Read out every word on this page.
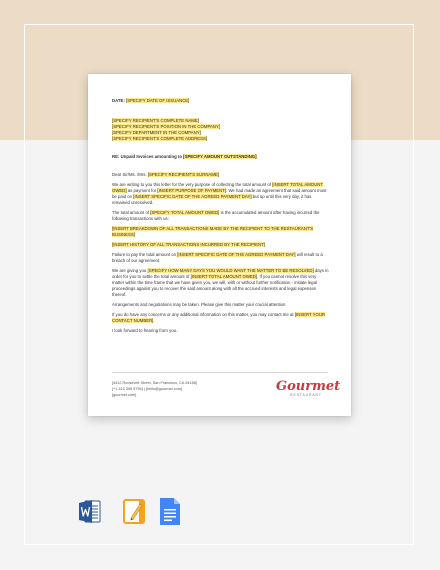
DATE: [SPECIFY DATE OF ISSUANCE]

[SPECIFY RECIPIENT'S COMPLETE NAME]

[SPECIFY RECIPIENT'S POSITION IN THE COMPANY]

[SPECIFY DEPARTMENT IN THE COMPANY]

[SPECIFY RECIPIENT'S COMPLETE ADDRESS]

RE: Unpaid Invoices amounting to [SPECIFY AMOUNT OUTSTANDING]

Dear Sir/Ms. /Mrs. [SPECIFY RECIPIENT'S SURNAME]

We are writing to you this letter for the very purpose of collecting the total amount of [INSERT TOTAL AMOUNT OWED] as payment for [INSERT PURPOSE OF PAYMENT]. We had made an agreement that said amount must be paid on [INSERT SPECIFIC DATE OF THE AGREED PAYMENT DAY] but up until this very day, it has remained unresolved.

The total amount of [SPECIFY TOTAL AMOUNT OWED] is the accumulated amount after having incurred the following transactions with us:

[INSERT BREAKDOWN OF ALL TRANSACTIONS MADE BY THE RECIPIENT TO THE RESTAURANT'S BUSINESS]

[INSERT HISTORY OF ALL TRANSACTIONS INCURRED BY THE RECIPIENT]

Failure to pay the total amount on [INSERT SPECIFIC DATE OF THE AGREED PAYMENT DAY] will result to a breach of our agreement.

We are giving you [SPECIFY HOW MANY DAYS YOU WOULD WANT THE MATTER TO BE RESOLVED] days in order for you to settle the total amount of [INSERT TOTAL AMOUNT OWED]. If you cannot resolve this very matter within the time frame that we have given you, we will, with or without further notification - initiate legal proceedings against you to recover the said amount along with all the accrued interests and legal expenses thereof.

Arrangements and negotiations may be taken. Please give this matter your crucial attention.

If you do have any concerns or any additional information on this matter, you may contact me at [INSERT YOUR CONTACT NUMBER].

I look forward to hearing from you.

[4412 Roosevelt Street, San Francisco, CA 94158]

[+1 415 355 5794] | [hello@gourmet.com]

[gourmet.com]

Gourmet
RESTAURANT
